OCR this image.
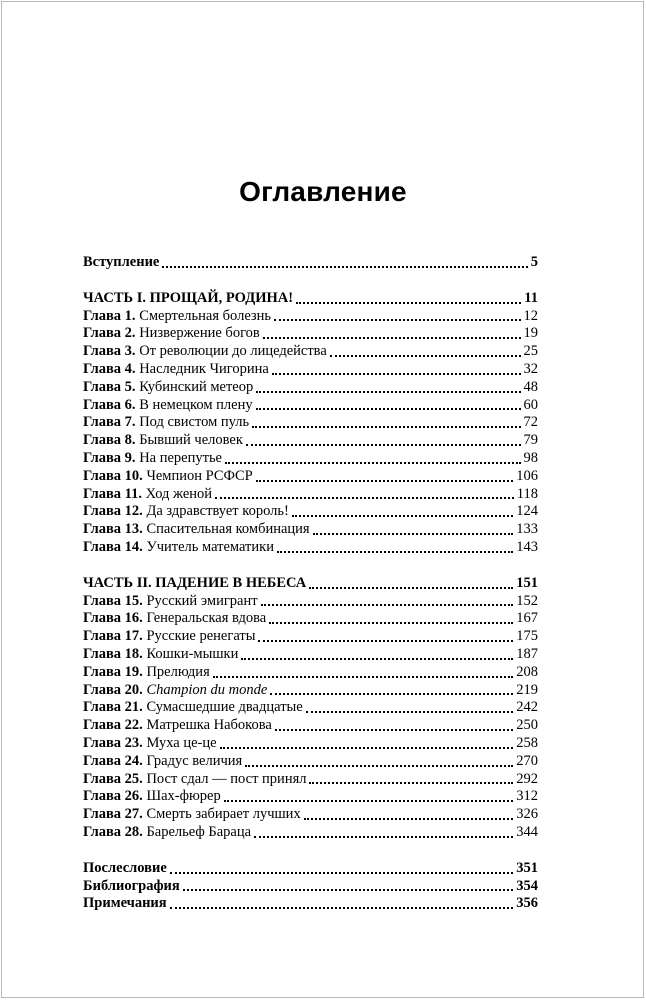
Оглавление
Вступление	5
ЧАСТЬ I. ПРОЩАЙ, РОДИНА!	11
Глава 1. Смертельная болезнь	12
Глава 2. Низвержение богов	19
Глава 3. От революции до лицедейства	25
Глава 4. Наследник Чигорина	32
Глава 5. Кубинский метеор	48
Глава 6. В немецком плену	60
Глава 7. Под свистом пуль	72
Глава 8. Бывший человек	79
Глава 9. На перепутье	98
Глава 10. Чемпион РСФСР	106
Глава 11. Ход женой	118
Глава 12. Да здравствует король!	124
Глава 13. Спасительная комбинация	133
Глава 14. Учитель математики	143
ЧАСТЬ II. ПАДЕНИЕ В НЕБЕСА	151
Глава 15. Русский эмигрант	152
Глава 16. Генеральская вдова	167
Глава 17. Русские ренегаты	175
Глава 18. Кошки-мышки	187
Глава 19. Прелюдия	208
Глава 20. Champion du monde	219
Глава 21. Сумасшедшие двадцатые	242
Глава 22. Матрешка Набокова	250
Глава 23. Муха це-це	258
Глава 24. Градус величия	270
Глава 25. Пост сдал — пост принял	292
Глава 26. Шах-фюрер	312
Глава 27. Смерть забирает лучших	326
Глава 28. Барельеф Бараца	344
Послесловие	351
Библиография	354
Примечания	356
